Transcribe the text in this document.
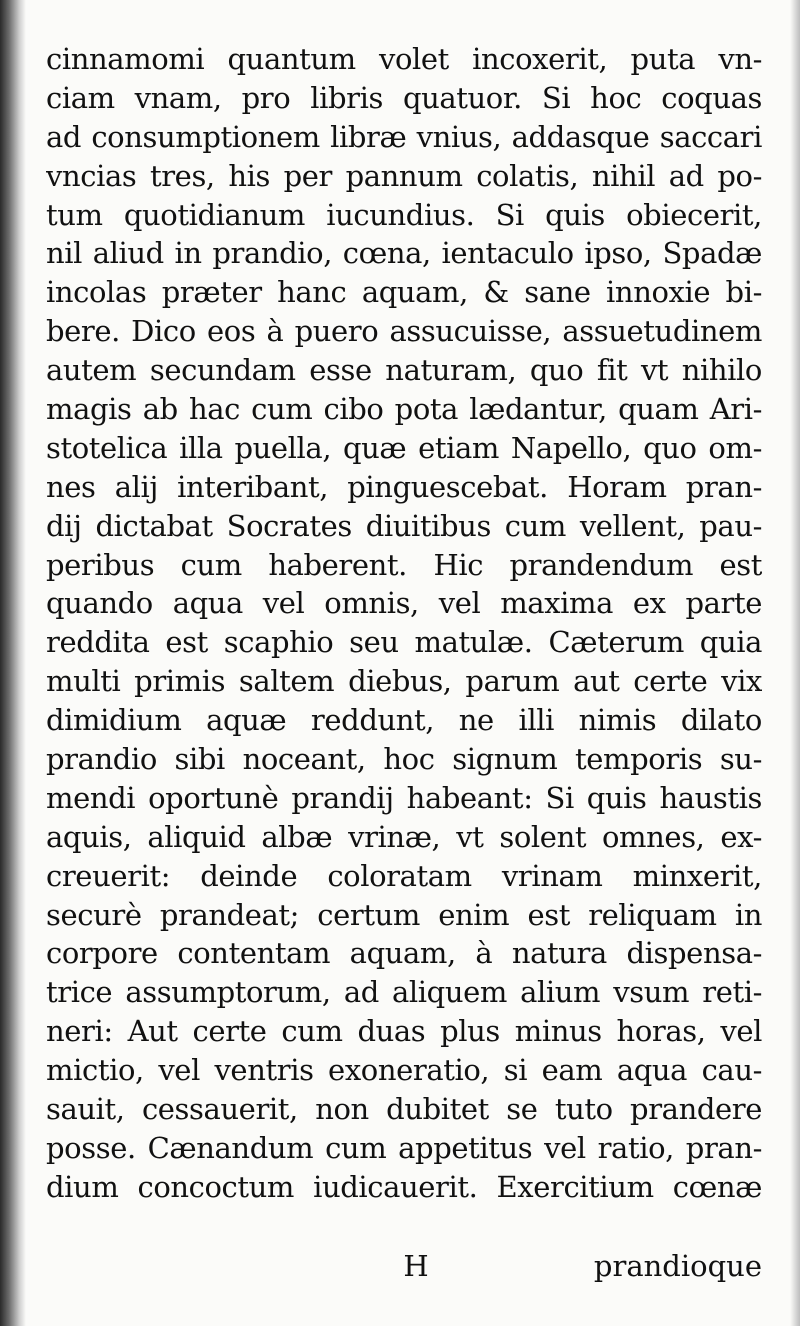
cinnamomi quantum volet incoxerit, puta vn-
ciam vnam, pro libris quatuor. Si hoc coquas
ad consumptionem libræ vnius, addasque saccari
vncias tres, his per pannum colatis, nihil ad po-
tum quotidianum iucundius. Si quis obiecerit,
nil aliud in prandio, cœna, ientaculo ipso, Spadæ
incolas præter hanc aquam, & sane innoxie bi-
bere. Dico eos à puero assucuisse, assuetudinem
autem secundam esse naturam, quo fit vt nihilo
magis ab hac cum cibo pota lædantur, quam Ari-
stotelica illa puella, quæ etiam Napello, quo om-
nes alij interibant, pinguescebat. Horam pran-
dij dictabat Socrates diuitibus cum vellent, pau-
peribus cum haberent. Hic prandendum est
quando aqua vel omnis, vel maxima ex parte
reddita est scaphio seu matulæ. Cæterum quia
multi primis saltem diebus, parum aut certe vix
dimidium aquæ reddunt, ne illi nimis dilato
prandio sibi noceant, hoc signum temporis su-
mendi oportunè prandij habeant: Si quis haustis
aquis, aliquid albæ vrinæ, vt solent omnes, ex-
creuerit: deinde coloratam vrinam minxerit,
securè prandeat; certum enim est reliquam in
corpore contentam aquam, à natura dispensa-
trice assumptorum, ad aliquem alium vsum reti-
neri: Aut certe cum duas plus minus horas, vel
mictio, vel ventris exoneratio, si eam aqua cau-
sauit, cessauerit, non dubitet se tuto prandere
posse. Cænandum cum appetitus vel ratio, pran-
dium concoctum iudicauerit. Exercitium cœnæ
H	prandioque
